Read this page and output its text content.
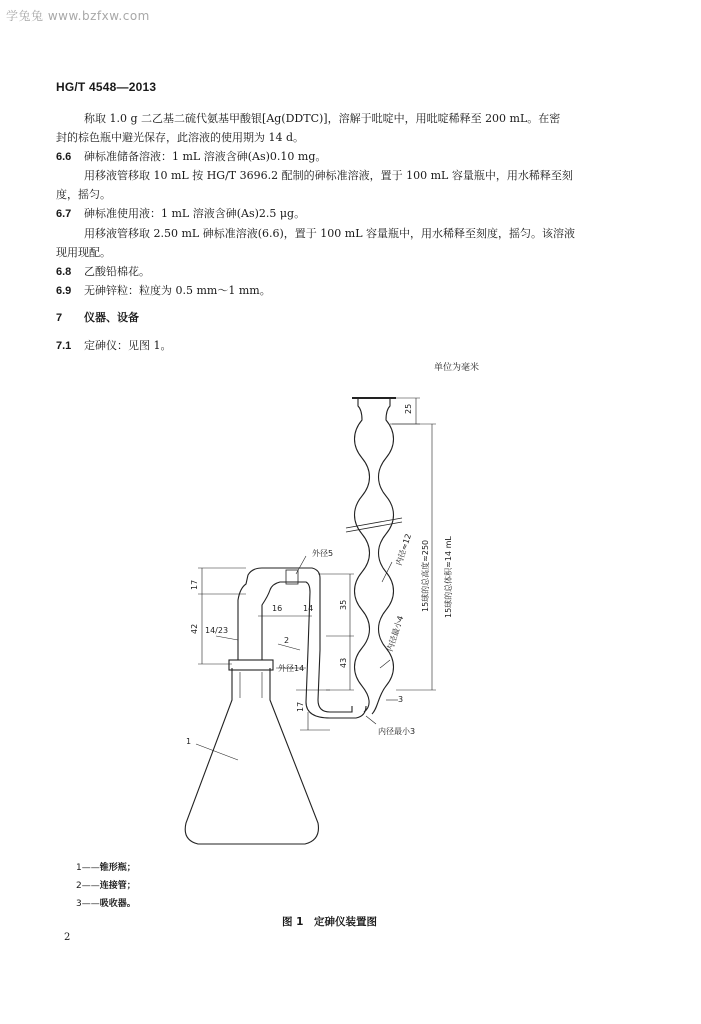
学兔兔 www.bzfxw.com
HG/T 4548—2013
称取 1.0 g 二乙基二硫代氨基甲酸银[Ag(DDTC)]，溶解于吡啶中，用吡啶稀释至 200 mL。在密
封的棕色瓶中避光保存，此溶液的使用期为 14 d。
6.6 砷标准储备溶液：1 mL 溶液含砷(As)0.10 mg。
用移液管移取 10 mL 按 HG/T 3696.2 配制的砷标准溶液，置于 100 mL 容量瓶中，用水稀释至刻
度，摇匀。
6.7 砷标准使用液：1 mL 溶液含砷(As)2.5 μg。
用移液管移取 2.50 mL 砷标准溶液(6.6)，置于 100 mL 容量瓶中，用水稀释至刻度，摇匀。该溶液
现用现配。
6.8 乙酸铅棉花。
6.9 无砷锌粒：粒度为 0.5 mm～1 mm。
7 仪器、设备
7.1 定砷仪：见图 1。
单位为毫米
25
17
42 14/23
16	14	35
43
17
外径5
外径14
内径最小3
内径最小4
内径≈12 15球的总高度≈250 15球的总体积≈14 mL
1
2
3
1——锥形瓶；
2——连接管；
3——吸收器。
图 1　定砷仪装置图
2
